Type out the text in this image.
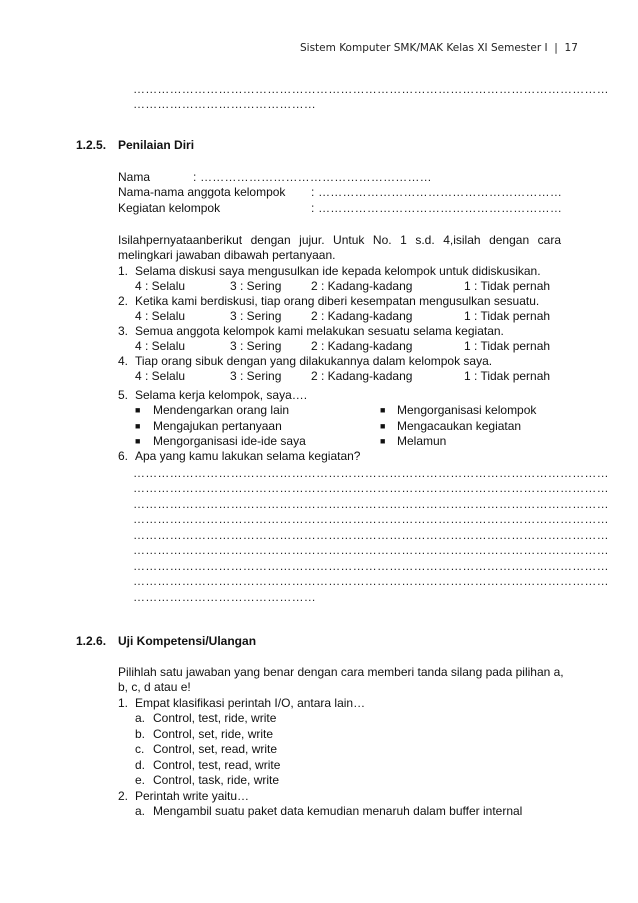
Sistem Komputer SMK/MAK Kelas XI Semester I  |  17
………………………………………………………………………………………………………
………………………………………
1.2.5. Penilaian Diri
Nama	: …………………………………………………
Nama-nama anggota kelompok : ……………………………………………………
Kegiatan kelompok	: ……………………………………………………
Isilahpernyataanberikut dengan jujur. Untuk No. 1 s.d. 4,isilah dengan cara
melingkari jawaban dibawah pertanyaan.
1. Selama diskusi saya mengusulkan ide kepada kelompok untuk didiskusikan.
4 : Selalu	3 : Sering 2 : Kadang-kadang	1 : Tidak pernah
2. Ketika kami berdiskusi, tiap orang diberi kesempatan mengusulkan sesuatu.
4 : Selalu	3 : Sering 2 : Kadang-kadang	1 : Tidak pernah
3. Semua anggota kelompok kami melakukan sesuatu selama kegiatan.
4 : Selalu	3 : Sering 2 : Kadang-kadang	1 : Tidak pernah
4. Tiap orang sibuk dengan yang dilakukannya dalam kelompok saya.
4 : Selalu	3 : Sering 2 : Kadang-kadang	1 : Tidak pernah
5. Selama kerja kelompok, saya….
■ Mendengarkan orang lain	■ Mengorganisasi kelompok
■ Mengajukan pertanyaan	■ Mengacaukan kegiatan
■ Mengorganisasi ide-ide saya	■ Melamun
6. Apa yang kamu lakukan selama kegiatan?
………………………………………………………………………………………………………
………………………………………………………………………………………………………
………………………………………………………………………………………………………
………………………………………………………………………………………………………
………………………………………………………………………………………………………
………………………………………………………………………………………………………
………………………………………………………………………………………………………
………………………………………………………………………………………………………
………………………………………
1.2.6. Uji Kompetensi/Ulangan
Pilihlah satu jawaban yang benar dengan cara memberi tanda silang pada pilihan a,
b, c, d atau e!
1. Empat klasifikasi perintah I/O, antara lain…
a. Control, test, ride, write
b. Control, set, ride, write
c. Control, set, read, write
d. Control, test, read, write
e. Control, task, ride, write
2. Perintah write yaitu…
a. Mengambil suatu paket data kemudian menaruh dalam buffer internal
